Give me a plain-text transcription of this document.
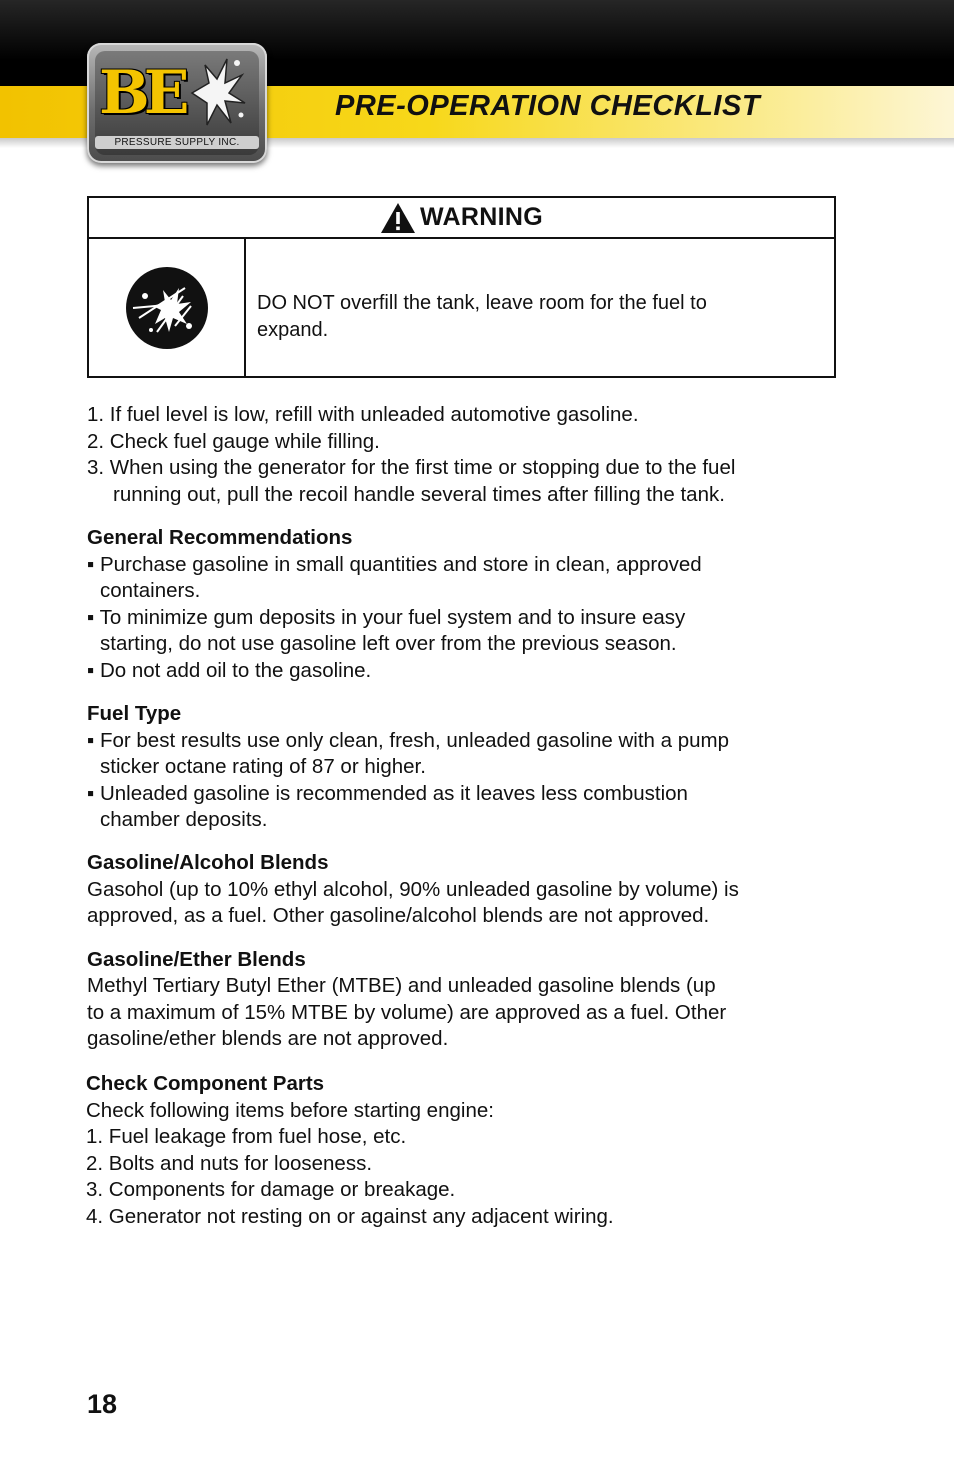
PRE-OPERATION CHECKLIST
BE
PRESSURE SUPPLY INC.
WARNING
DO NOT overfill the tank, leave room for the fuel to
expand.
1. If fuel level is low, refill with unleaded automotive gasoline.
2. Check fuel gauge while filling.
3. When using the generator for the first time or stopping due to the fuel
running out, pull the recoil handle several times after filling the tank.
General Recommendations
▪ Purchase gasoline in small quantities and store in clean, approved
containers.
▪ To minimize gum deposits in your fuel system and to insure easy
starting, do not use gasoline left over from the previous season.
▪ Do not add oil to the gasoline.
Fuel Type
▪ For best results use only clean, fresh, unleaded gasoline with a pump
sticker octane rating of 87 or higher.
▪ Unleaded gasoline is recommended as it leaves less combustion
chamber deposits.
Gasoline/Alcohol Blends
Gasohol (up to 10% ethyl alcohol, 90% unleaded gasoline by volume) is
approved, as a fuel. Other gasoline/alcohol blends are not approved.
Gasoline/Ether Blends
Methyl Tertiary Butyl Ether (MTBE) and unleaded gasoline blends (up
to a maximum of 15% MTBE by volume) are approved as a fuel. Other
gasoline/ether blends are not approved.
Check Component Parts
Check following items before starting engine:
1. Fuel leakage from fuel hose, etc.
2. Bolts and nuts for looseness.
3. Components for damage or breakage.
4. Generator not resting on or against any adjacent wiring.
18
